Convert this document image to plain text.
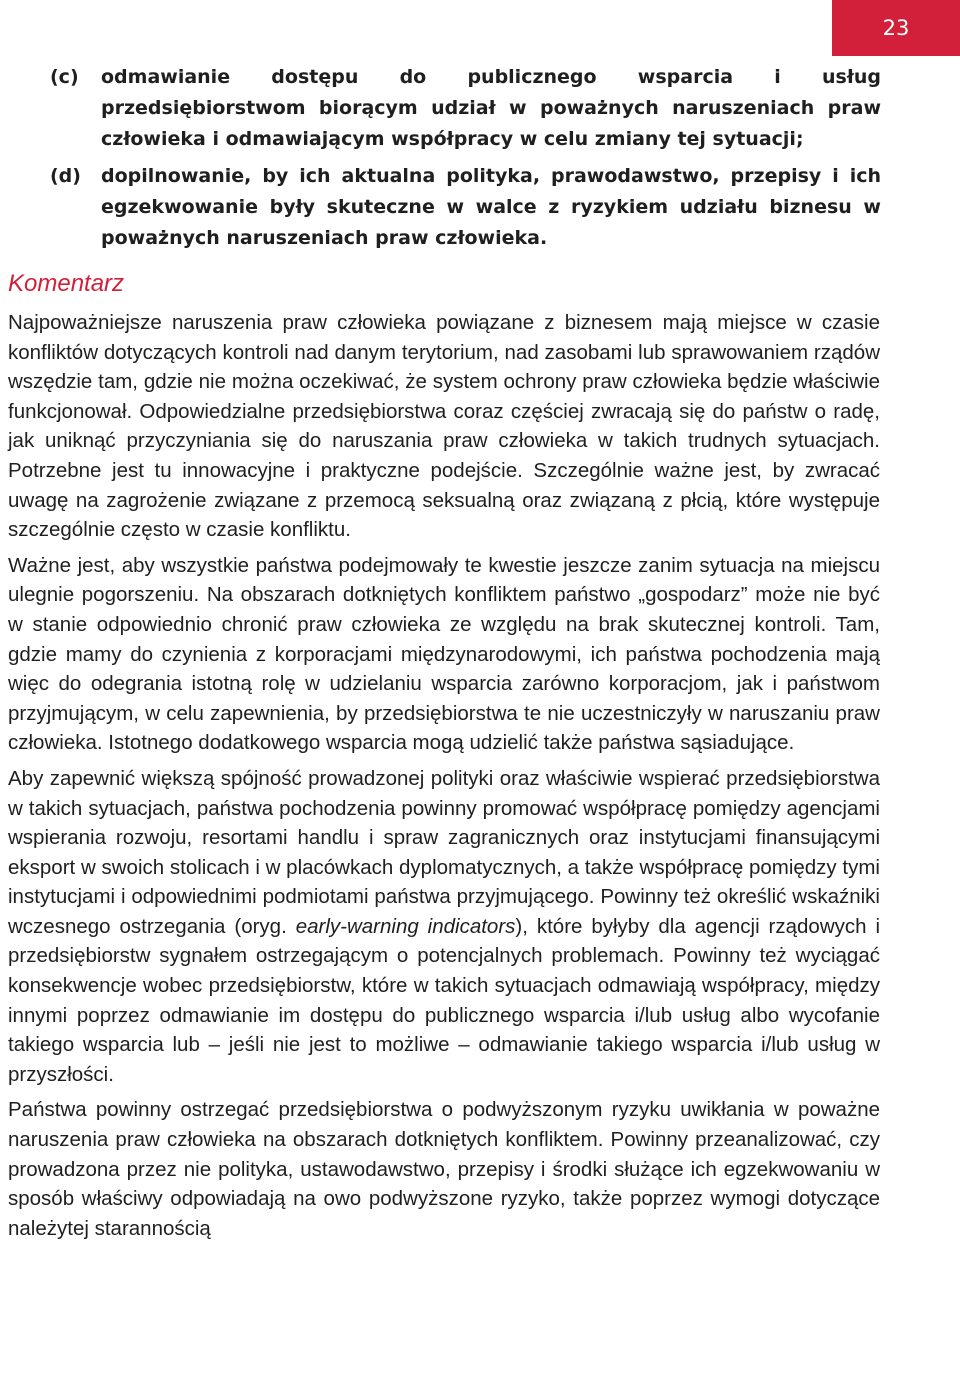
23
(c)	odmawianie dostępu do publicznego wsparcia i usług przedsiębiorstwom biorącym udział w poważnych naruszeniach praw człowieka i odmawiającym współpracy w celu zmiany tej sytuacji;
(d)	dopilnowanie, by ich aktualna polityka, prawodawstwo, przepisy i ich egzekwowanie były skuteczne w walce z ryzykiem udziału biznesu w poważnych naruszeniach praw człowieka.
Komentarz

Najpoważniejsze naruszenia praw człowieka powiązane z biznesem mają miejsce w czasie konfliktów dotyczących kontroli nad danym terytorium, nad zasobami lub sprawowaniem rządów wszędzie tam, gdzie nie można oczekiwać, że system ochrony praw człowieka będzie właściwie funkcjonował. Odpowiedzialne przedsiębiorstwa coraz częściej zwracają się do państw o radę, jak uniknąć przyczyniania się do naruszania praw człowieka w takich trudnych sytuacjach. Potrzebne jest tu innowacyjne i praktyczne podejście. Szczególnie ważne jest, by zwracać uwagę na zagrożenie związane z przemocą seksualną oraz związaną z płcią, które występuje szczególnie często w czasie konfliktu.

Ważne jest, aby wszystkie państwa podejmowały te kwestie jeszcze zanim sytuacja na miejscu ulegnie pogorszeniu. Na obszarach dotkniętych konfliktem państwo „gospodarz” może nie być w stanie odpowiednio chronić praw człowieka ze względu na brak skutecznej kontroli. Tam, gdzie mamy do czynienia z korporacjami międzynarodowymi, ich państwa pochodzenia mają więc do odegrania istotną rolę w udzielaniu wsparcia zarówno korporacjom, jak i państwom przyjmującym, w celu zapewnienia, by przedsiębiorstwa te nie uczestniczyły w naruszaniu praw człowieka. Istotnego dodatkowego wsparcia mogą udzielić także państwa sąsiadujące.

Aby zapewnić większą spójność prowadzonej polityki oraz właściwie wspierać przedsiębiorstwa w takich sytuacjach, państwa pochodzenia powinny promować współpracę pomiędzy agencjami wspierania rozwoju, resortami handlu i spraw zagranicznych oraz instytucjami finansującymi eksport w swoich stolicach i w placówkach dyplomatycznych, a także współpracę pomiędzy tymi instytucjami i odpowiednimi podmiotami państwa przyjmującego. Powinny też określić wskaźniki wczesnego ostrzegania (oryg. early-warning indicators), które byłyby dla agencji rządowych i przedsiębiorstw sygnałem ostrzegającym o potencjalnych problemach. Powinny też wyciągać konsekwencje wobec przedsiębiorstw, które w takich sytuacjach odmawiają współpracy, między innymi poprzez odmawianie im dostępu do publicznego wsparcia i/lub usług albo wycofanie takiego wsparcia lub – jeśli nie jest to możliwe – odmawianie takiego wsparcia i/lub usług w przyszłości.

Państwa powinny ostrzegać przedsiębiorstwa o podwyższonym ryzyku uwikłania w poważne naruszenia praw człowieka na obszarach dotkniętych konfliktem. Powinny przeanalizować, czy prowadzona przez nie polityka, ustawodawstwo, przepisy i środki służące ich egzekwowaniu w sposób właściwy odpowiadają na owo podwyższone ryzyko, także poprzez wymogi dotyczące należytej starannością
